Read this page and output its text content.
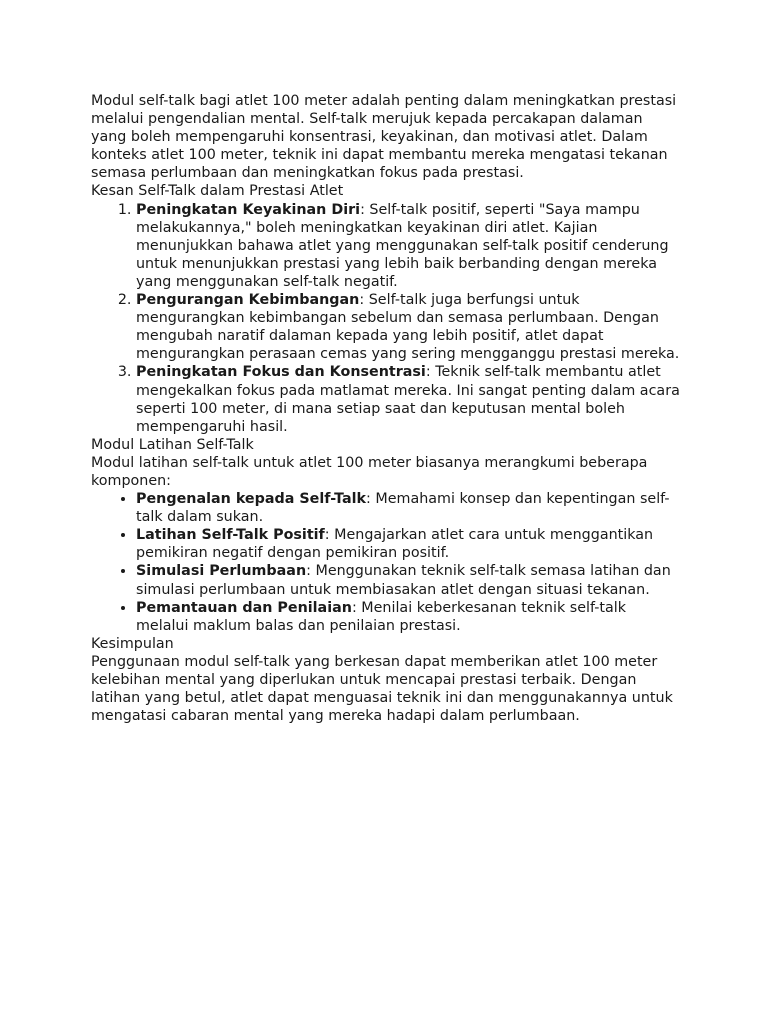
Modul self-talk bagi atlet 100 meter adalah penting dalam meningkatkan prestasi melalui pengendalian mental. Self-talk merujuk kepada percakapan dalaman yang boleh mempengaruhi konsentrasi, keyakinan, dan motivasi atlet. Dalam konteks atlet 100 meter, teknik ini dapat membantu mereka mengatasi tekanan semasa perlumbaan dan meningkatkan fokus pada prestasi.

Kesan Self-Talk dalam Prestasi Atlet

1. Peningkatan Keyakinan Diri: Self-talk positif, seperti "Saya mampu melakukannya," boleh meningkatkan keyakinan diri atlet. Kajian menunjukkan bahawa atlet yang menggunakan self-talk positif cenderung untuk menunjukkan prestasi yang lebih baik berbanding dengan mereka yang menggunakan self-talk negatif.
2. Pengurangan Kebimbangan: Self-talk juga berfungsi untuk mengurangkan kebimbangan sebelum dan semasa perlumbaan. Dengan mengubah naratif dalaman kepada yang lebih positif, atlet dapat mengurangkan perasaan cemas yang sering mengganggu prestasi mereka.
3. Peningkatan Fokus dan Konsentrasi: Teknik self-talk membantu atlet mengekalkan fokus pada matlamat mereka. Ini sangat penting dalam acara seperti 100 meter, di mana setiap saat dan keputusan mental boleh mempengaruhi hasil.

Modul Latihan Self-Talk

Modul latihan self-talk untuk atlet 100 meter biasanya merangkumi beberapa komponen:

• Pengenalan kepada Self-Talk: Memahami konsep dan kepentingan self-talk dalam sukan.
• Latihan Self-Talk Positif: Mengajarkan atlet cara untuk menggantikan pemikiran negatif dengan pemikiran positif.
• Simulasi Perlumbaan: Menggunakan teknik self-talk semasa latihan dan simulasi perlumbaan untuk membiasakan atlet dengan situasi tekanan.
• Pemantauan dan Penilaian: Menilai keberkesanan teknik self-talk melalui maklum balas dan penilaian prestasi.

Kesimpulan

Penggunaan modul self-talk yang berkesan dapat memberikan atlet 100 meter kelebihan mental yang diperlukan untuk mencapai prestasi terbaik. Dengan latihan yang betul, atlet dapat menguasai teknik ini dan menggunakannya untuk mengatasi cabaran mental yang mereka hadapi dalam perlumbaan.
